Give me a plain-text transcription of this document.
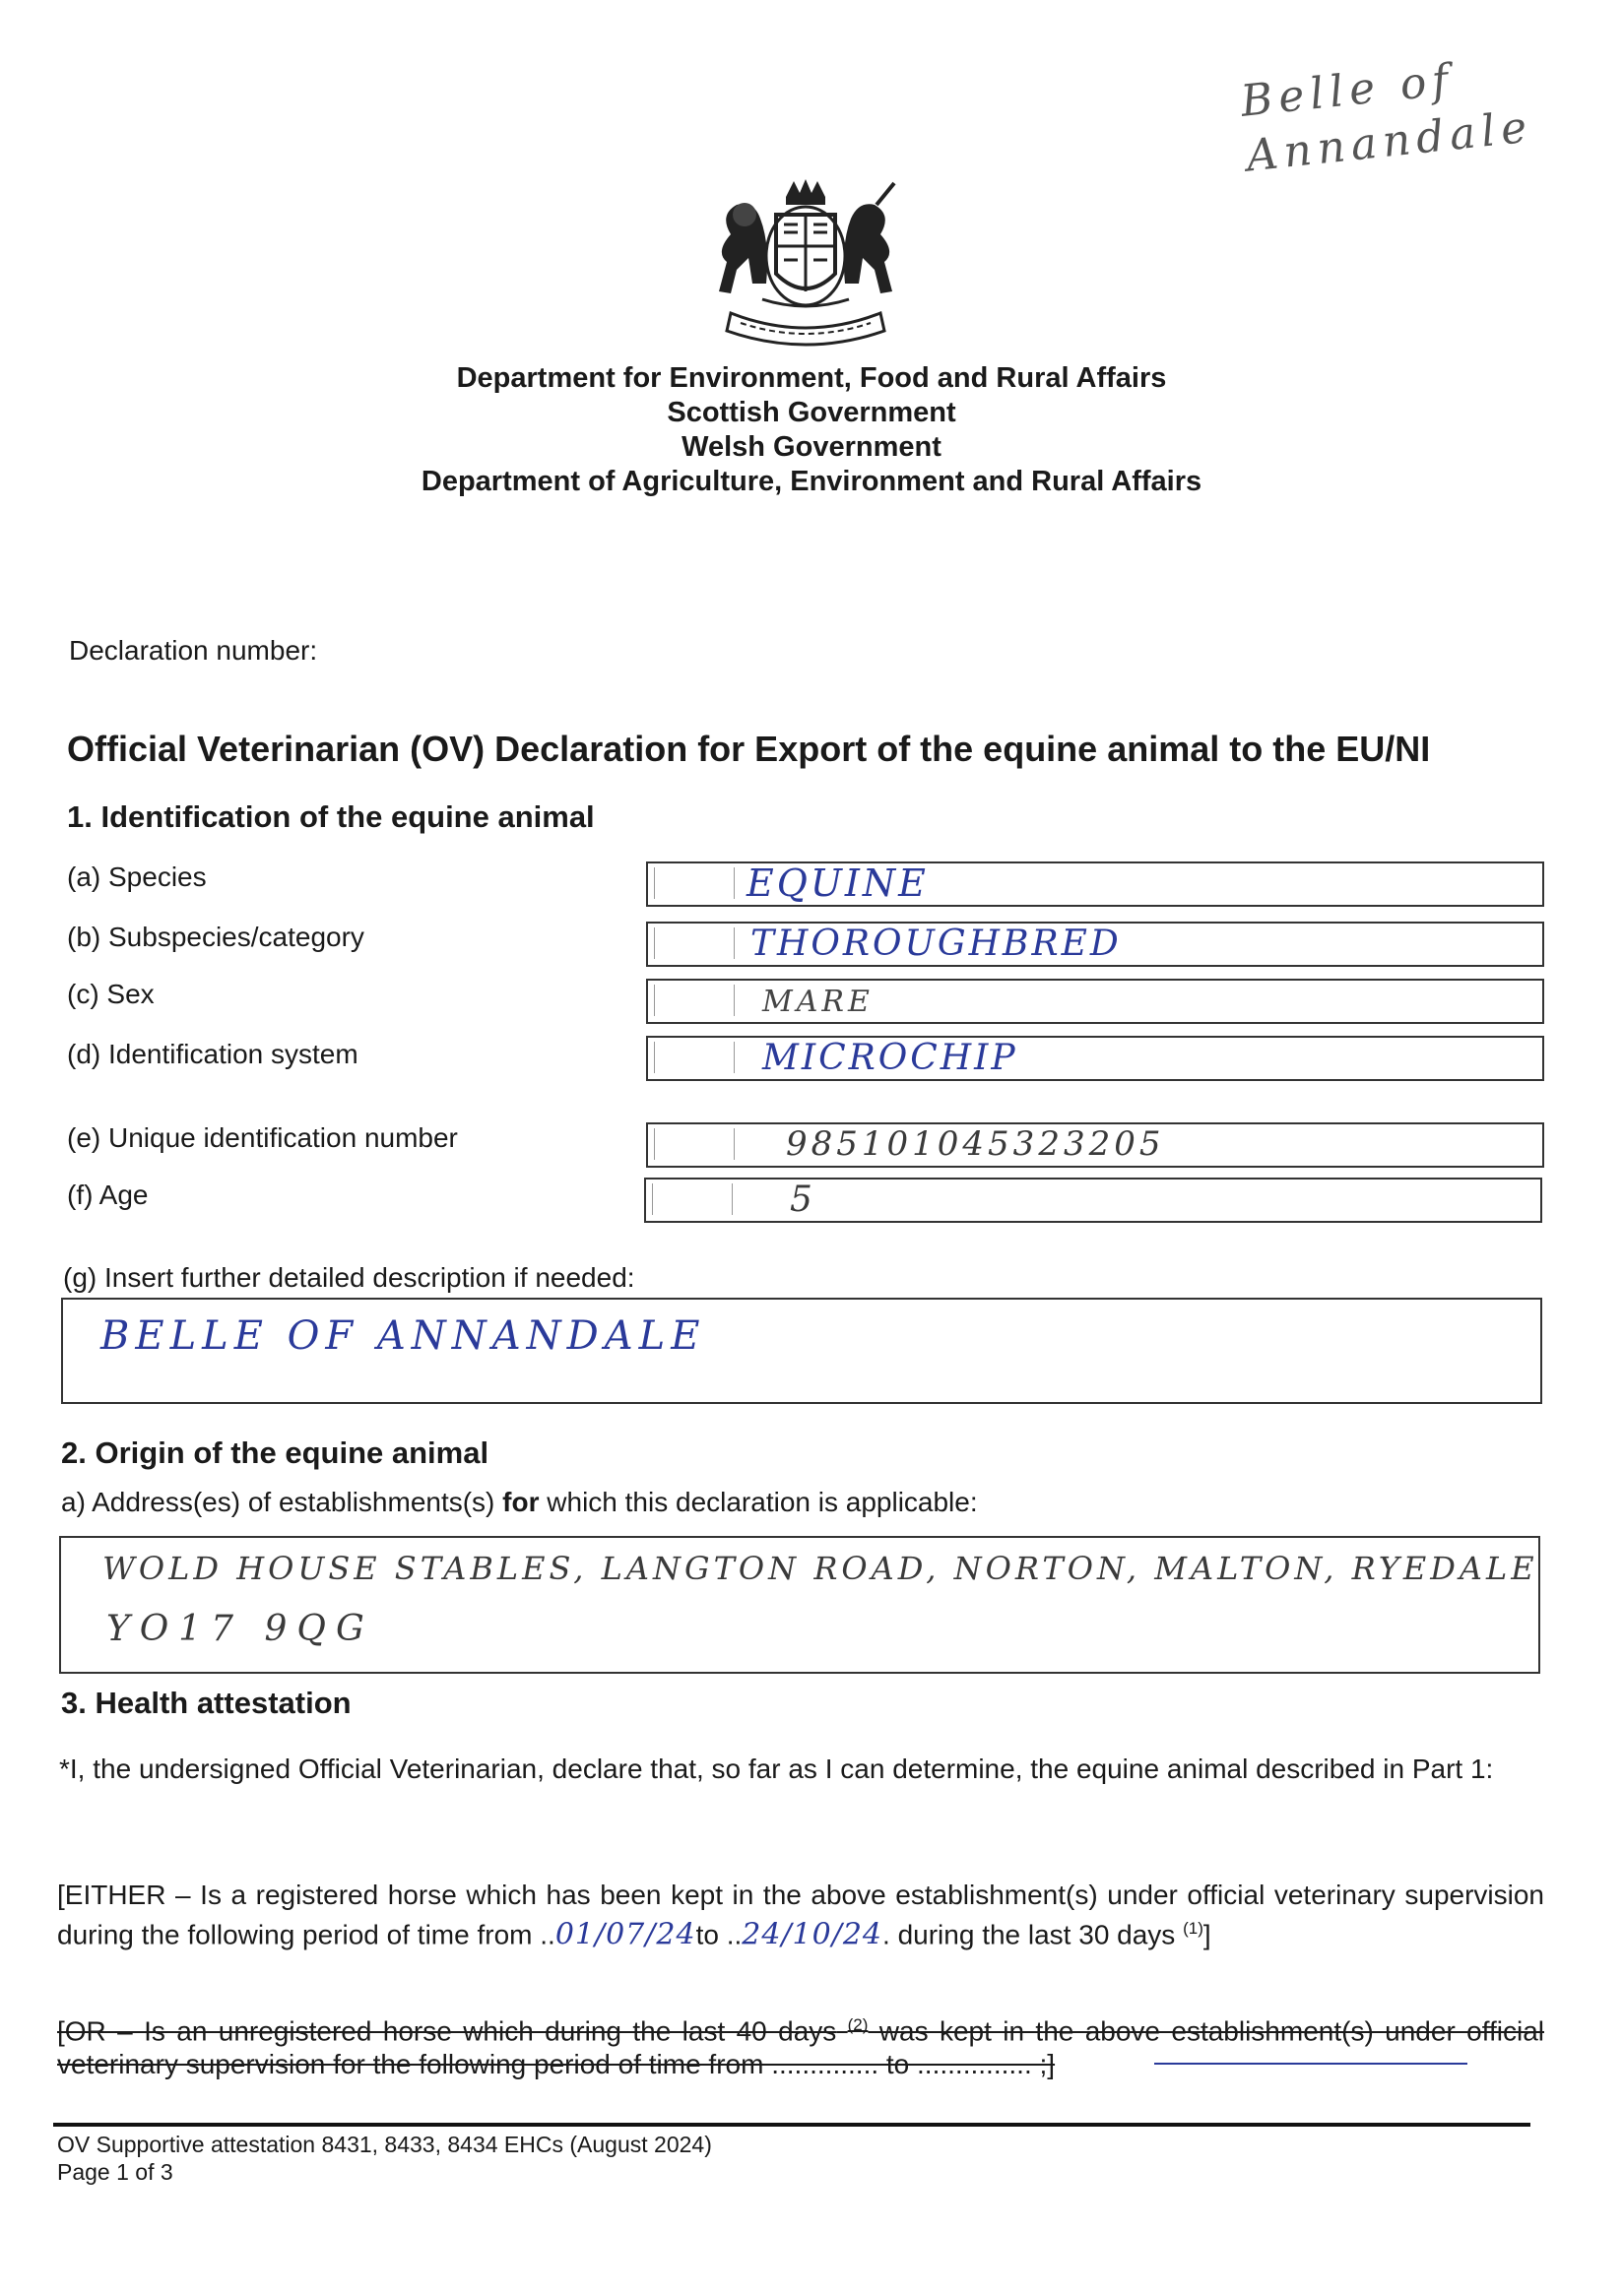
Belle of Annandale
Department for Environment, Food and Rural Affairs
Scottish Government
Welsh Government
Department of Agriculture, Environment and Rural Affairs
Declaration number:
Official Veterinarian (OV) Declaration for Export of the equine animal to the EU/NI
1. Identification of the equine animal
(a) Species	EQUINE
(b) Subspecies/category	THOROUGHBRED
(c) Sex	MARE
(d) Identification system	MICROCHIP
(e) Unique identification number	985101045323205
(f) Age	5
(g) Insert further detailed description if needed:
BELLE OF ANNANDALE
2. Origin of the equine animal
a) Address(es) of establishments(s) for which this declaration is applicable:
WOLD HOUSE STABLES, LANGTON ROAD, NORTON, MALTON, RYEDALE
YO17 9QG
3. Health attestation
*I, the undersigned Official Veterinarian, declare that, so far as I can determine, the equine animal described in Part 1:
[EITHER – Is a registered horse which has been kept in the above establishment(s) under official veterinary supervision during the following period of time from ..01/07/24to ..24/10/24. during the last 30 days $^{(1)}$]
[OR – Is an unregistered horse which during the last 40 days $^{(2)}$ was kept in the above establishment(s) under official veterinary supervision for the following period of time from .............. to ............... ;]
OV Supportive attestation 8431, 8433, 8434 EHCs (August 2024)
Page 1 of 3
